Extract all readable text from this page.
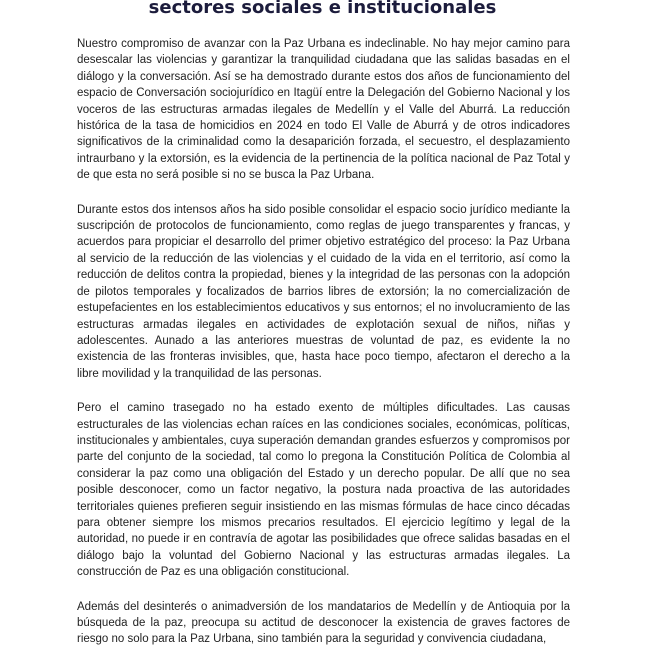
sectores sociales e institucionales

Nuestro compromiso de avanzar con la Paz Urbana es indeclinable. No hay mejor camino para desescalar las violencias y garantizar la tranquilidad ciudadana que las salidas basadas en el diálogo y la conversación. Así se ha demostrado durante estos dos años de funcionamiento del espacio de Conversación sociojurídico en Itagüí entre la Delegación del Gobierno Nacional y los voceros de las estructuras armadas ilegales de Medellín y el Valle del Aburrá. La reducción histórica de la tasa de homicidios en 2024 en todo El Valle de Aburrá y de otros indicadores significativos de la criminalidad como la desaparición forzada, el secuestro, el desplazamiento intraurbano y la extorsión, es la evidencia de la pertinencia de la política nacional de Paz Total y de que esta no será posible si no se busca la Paz Urbana.

Durante estos dos intensos años ha sido posible consolidar el espacio socio jurídico mediante la suscripción de protocolos de funcionamiento, como reglas de juego transparentes y francas, y acuerdos para propiciar el desarrollo del primer objetivo estratégico del proceso: la Paz Urbana al servicio de la reducción de las violencias y el cuidado de la vida en el territorio, así como la reducción de delitos contra la propiedad, bienes y la integridad de las personas con la adopción de pilotos temporales y focalizados de barrios libres de extorsión; la no comercialización de estupefacientes en los establecimientos educativos y sus entornos; el no involucramiento de las estructuras armadas ilegales en actividades de explotación sexual de niños, niñas y adolescentes. Aunado a las anteriores muestras de voluntad de paz, es evidente la no existencia de las fronteras invisibles, que, hasta hace poco tiempo, afectaron el derecho a la libre movilidad y la tranquilidad de las personas.

Pero el camino trasegado no ha estado exento de múltiples dificultades. Las causas estructurales de las violencias echan raíces en las condiciones sociales, económicas, políticas, institucionales y ambientales, cuya superación demandan grandes esfuerzos y compromisos por parte del conjunto de la sociedad, tal como lo pregona la Constitución Política de Colombia al considerar la paz como una obligación del Estado y un derecho popular. De allí que no sea posible desconocer, como un factor negativo, la postura nada proactiva de las autoridades territoriales quienes prefieren seguir insistiendo en las mismas fórmulas de hace cinco décadas para obtener siempre los mismos precarios resultados. El ejercicio legítimo y legal de la autoridad, no puede ir en contravía de agotar las posibilidades que ofrece salidas basadas en el diálogo bajo la voluntad del Gobierno Nacional y las estructuras armadas ilegales. La construcción de Paz es una obligación constitucional.

Además del desinterés o animadversión de los mandatarios de Medellín y de Antioquia por la búsqueda de la paz, preocupa su actitud de desconocer la existencia de graves factores de riesgo no solo para la Paz Urbana, sino también para la seguridad y convivencia ciudadana,
